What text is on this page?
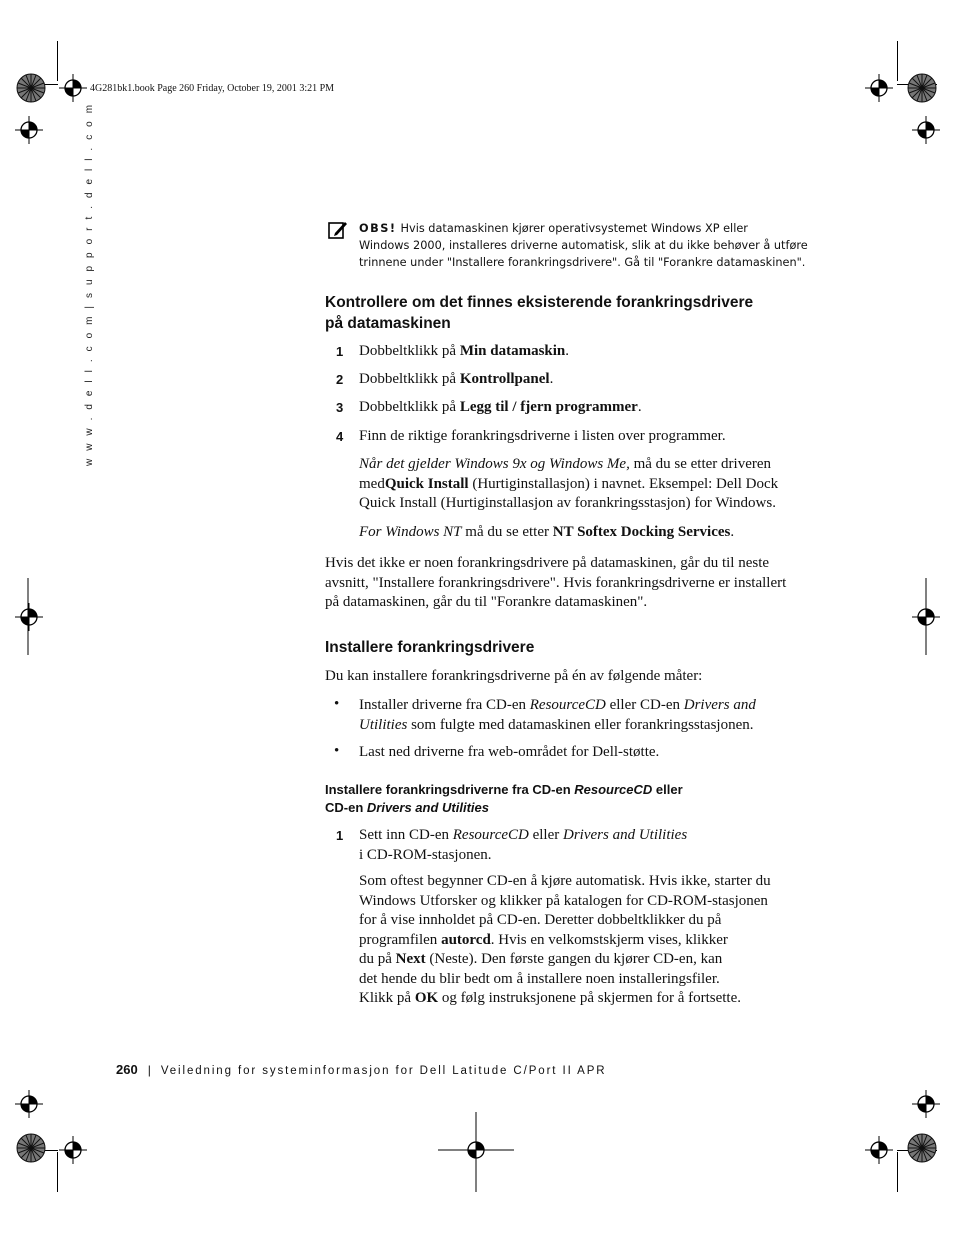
4G281bk1.book Page 260 Friday, October 19, 2001 3:21 PM
w w w . d e l l . c o m | s u p p o r t . d e l l . c o m	OBS! Hvis datamaskinen kjører operativsystemet Windows XP eller
Windows 2000, installeres driverne automatisk, slik at du ikke behøver å utføre
trinnene under "Installere forankringsdrivere". Gå til "Forankre datamaskinen".
Kontrollere om det finnes eksisterende forankringsdrivere
på datamaskinen
1 Dobbeltklikk på Min datamaskin.
2 Dobbeltklikk på Kontrollpanel.
3 Dobbeltklikk på Legg til / fjern programmer.
4 Finn de riktige forankringsdriverne i listen over programmer.
Når det gjelder Windows 9x og Windows Me, må du se etter driveren
medQuick Install (Hurtiginstallasjon) i navnet. Eksempel: Dell Dock
Quick Install (Hurtiginstallasjon av forankringsstasjon) for Windows.
For Windows NT må du se etter NT Softex Docking Services.
Hvis det ikke er noen forankringsdrivere på datamaskinen, går du til neste
avsnitt, "Installere forankringsdrivere". Hvis forankringsdriverne er installert
på datamaskinen, går du til "Forankre datamaskinen".
Installere forankringsdrivere
Du kan installere forankringsdriverne på én av følgende måter:
• Installer driverne fra CD-en ResourceCD eller CD-en Drivers and
Utilities som fulgte med datamaskinen eller forankringsstasjonen.
• Last ned driverne fra web-området for Dell-støtte.
Installere forankringsdriverne fra CD-en ResourceCD eller
CD-en Drivers and Utilities
1 Sett inn CD-en ResourceCD eller Drivers and Utilities
i CD-ROM-stasjonen.
Som oftest begynner CD-en å kjøre automatisk. Hvis ikke, starter du
Windows Utforsker og klikker på katalogen for CD-ROM-stasjonen
for å vise innholdet på CD-en. Deretter dobbeltklikker du på
programfilen autorcd. Hvis en velkomstskjerm vises, klikker
du på Next (Neste). Den første gangen du kjører CD-en, kan
det hende du blir bedt om å installere noen installeringsfiler.
Klikk på OK og følg instruksjonene på skjermen for å fortsette.
260 | Veiledning for systeminformasjon for Dell Latitude C/Port II APR
